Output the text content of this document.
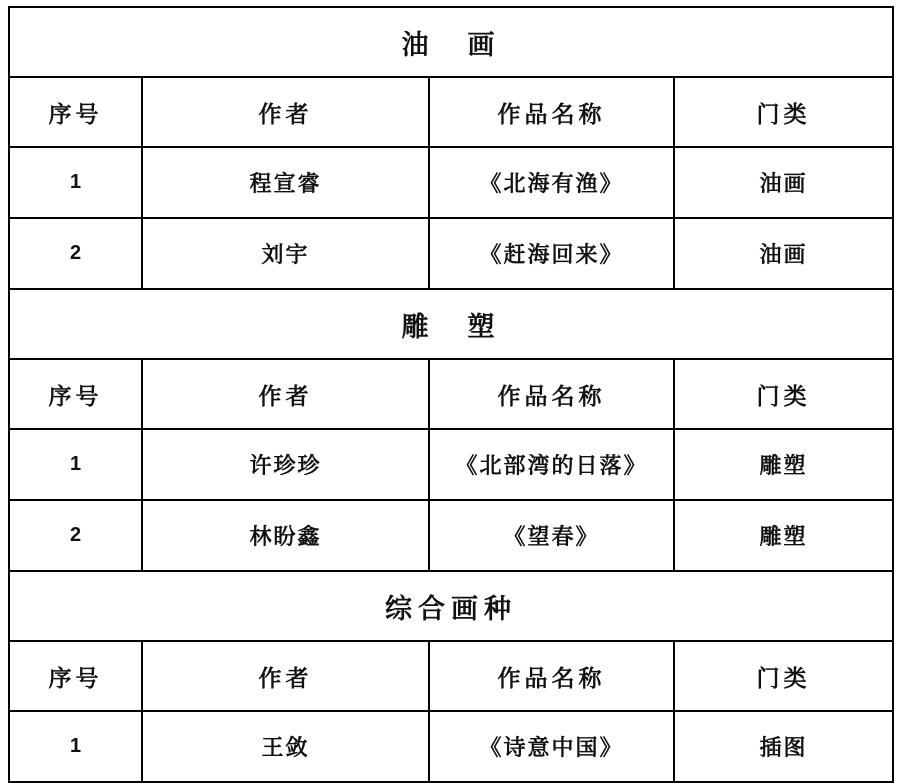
油　画			
序号	作者	作品名称	门类
1	程宣睿	《北海有渔》	油画
2	刘宇	《赶海回来》	油画
雕　塑			
序号	作者	作品名称	门类
1	许珍珍	《北部湾的日落》	雕塑
2	林盼鑫	《望春》	雕塑
综合画种			
序号	作者	作品名称	门类
1	王敛	《诗意中国》	插图
